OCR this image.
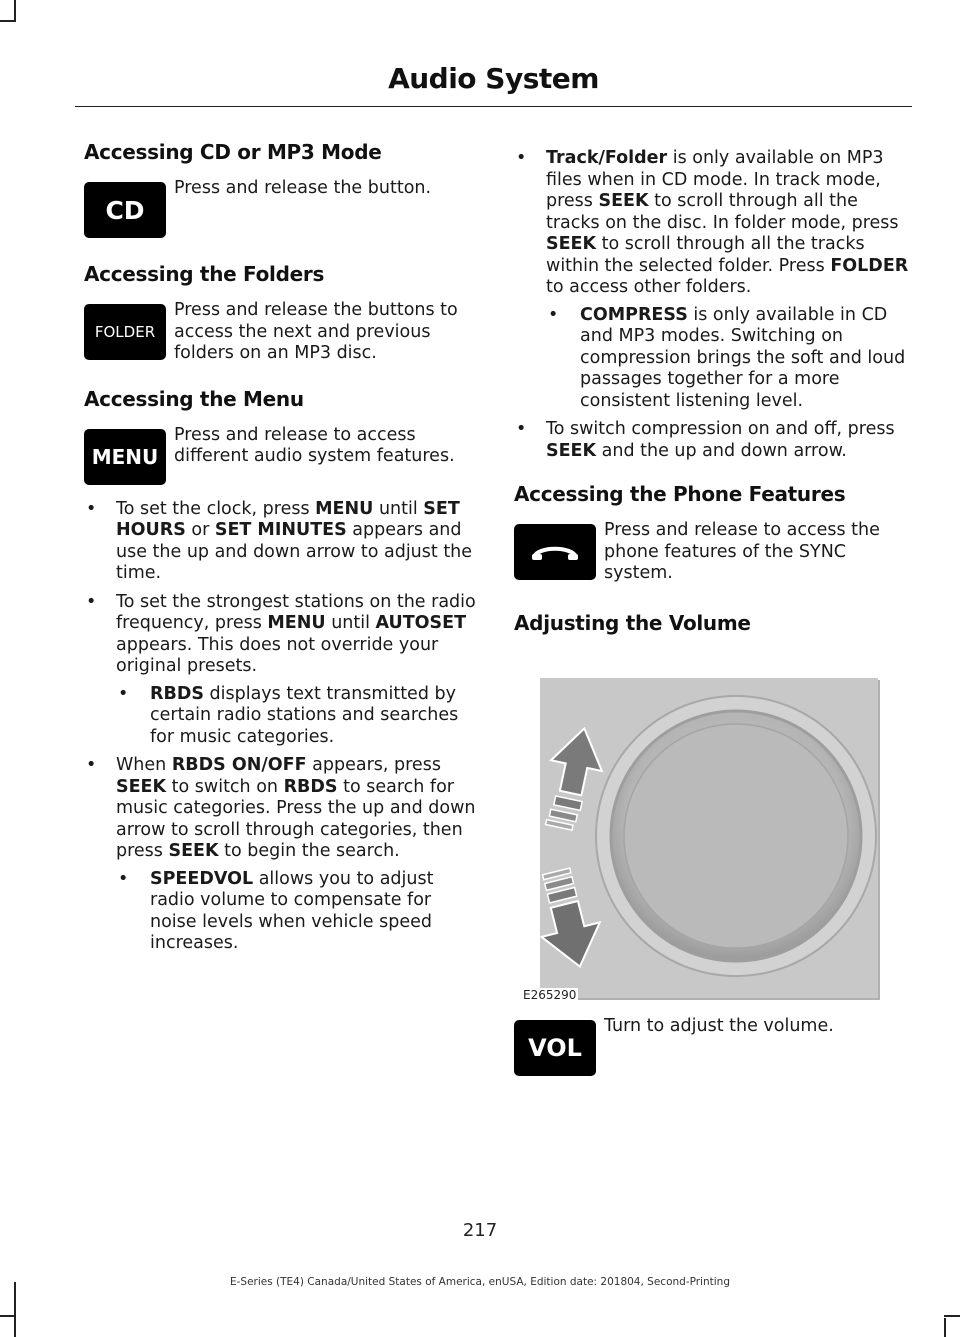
Audio System
Accessing CD or MP3 Mode
CD
Press and release the button.
Accessing the Folders
FOLDER
Press and release the buttons to access the next and previous folders on an MP3 disc.
Accessing the Menu
MENU
Press and release to access different audio system features.
• To set the clock, press MENU until SET HOURS or SET MINUTES appears and use the up and down arrow to adjust the time.
• To set the strongest stations on the radio frequency, press MENU until AUTOSET appears. This does not override your original presets.
• RBDS displays text transmitted by certain radio stations and searches for music categories.
• When RBDS ON/OFF appears, press SEEK to switch on RBDS to search for music categories. Press the up and down arrow to scroll through categories, then press SEEK to begin the search.
• SPEEDVOL allows you to adjust radio volume to compensate for noise levels when vehicle speed increases.
• Track/Folder is only available on MP3 files when in CD mode. In track mode, press SEEK to scroll through all the tracks on the disc. In folder mode, press SEEK to scroll through all the tracks within the selected folder. Press FOLDER to access other folders.
• COMPRESS is only available in CD and MP3 modes. Switching on compression brings the soft and loud passages together for a more consistent listening level.
• To switch compression on and off, press SEEK and the up and down arrow.
Accessing the Phone Features
Press and release to access the phone features of the SYNC system.
Adjusting the Volume
E265290
VOL
Turn to adjust the volume.
217
E-Series (TE4) Canada/United States of America, enUSA, Edition date: 201804, Second-Printing
